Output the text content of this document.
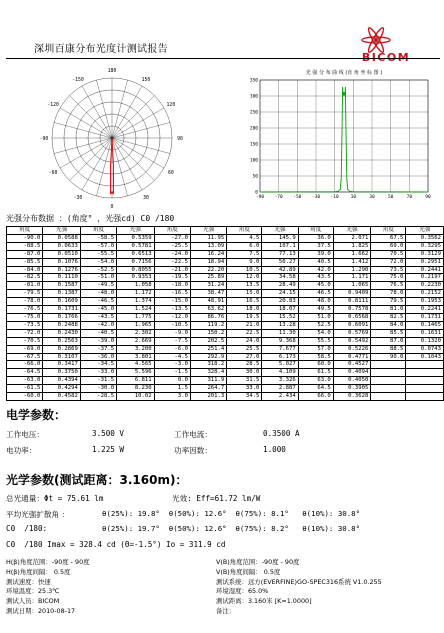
深圳百康分布光度计测试报告
BICOM
-90
-120
-150
180
150
120
90
60
30
0
-30
-60
光 强 分 布 曲 线 (直 角 坐 标 图 )
350
300
250
200
150
100
50
0
-90 -70 -50 -30 -10	10	30	50	70	90
光强分布数据 ：(角度° ，光强cd) C0 /180
角度	光强	角度	光强	角度	光强	角度	光强	角度	光强	角度	光强
-90.0	0.0588	-58.5	0.5359	-27.0	11.95	4.5	145.9	36.0	2.071	67.5	0.3562
-88.5	0.0633	-57.0	0.5781	-25.5	13.09	6.0	107.1	37.5	1.825	69.0	0.3295
-87.0	0.0510	-55.5	0.6513	-24.0	16.24	7.5	77.13	39.0	1.662	70.5	0.3129
-85.5	0.1076	-54.0	0.7156	-22.5	18.94	9.0	56.27	40.5	1.412	72.0	0.2951
-84.0	0.1276	-52.5	0.8055	-21.0	22.20	10.5	42.89	42.0	1.290	73.5	0.2441
-82.5	0.1110	-51.0	0.9353	-19.5	25.89	12.0	34.58	43.5	1.171	75.0	0.2197
-81.0	0.1587	-49.5	1.058	-18.0	31.24	13.5	28.49	45.0	1.065	76.5	0.2230
-79.5	0.1387	-48.0	1.172	-16.5	38.47	15.0	24.15	46.5	0.9409	78.0	0.2152
-78.0	0.1609	-46.5	1.374	-15.0	48.91	16.5	20.83	48.0	0.8111	79.5	0.1953
-76.5	0.1731	-45.0	1.524	-13.5	63.62	18.0	18.07	49.5	0.7578	81.0	0.2241
-75.0	0.1766	-43.5	1.775	-12.0	86.76	19.5	15.52	51.0	0.6568	82.5	0.1731
-73.5	0.2488	-42.0	1.965	-10.5	119.2	21.0	13.28	52.5	0.6091	84.0	0.1465
-72.0	0.2430	-40.5	2.302	-9.0	150.2	22.5	11.30	54.0	0.5769	85.5	0.1631
-70.5	0.2563	-39.0	2.669	-7.5	202.5	24.0	9.368	55.5	0.5492	87.0	0.1320
-69.0	0.2869	-37.5	3.200	-6.0	251.4	25.5	7.677	57.0	0.5226	88.5	0.0743
-67.5	0.3107	-36.0	3.801	-4.5	292.9	27.0	6.173	58.5	0.4771	90.0	0.1043
-66.0	0.3417	-34.5	4.565	-3.0	318.2	28.5	5.027	60.0	0.4527		
-64.5	0.3750	-33.0	5.596	-1.5	328.4	30.0	4.109	61.5	0.4094		
-63.0	0.4394	-31.5	6.811	0.0	311.9	31.5	3.326	63.0	0.4050		
-61.5	0.4294	-30.0	8.230	1.5	264.7	33.0	2.887	64.5	0.3905		
-60.0	0.4582	-28.5	10.02	3.0	201.3	34.5	2.434	66.0	0.3628		
电学参数：
工作电压：	3.500 V	工作电流：	0.3500 A
电功率：	1.225 W	功率因数：	1.000
光学参数(测试距离：3.160m)：
总光通量：Φt = 75.61 lm	光效: Eff=61.72 lm/W
平均光强扩散角 ：	θ(25%): 19.8°  θ(50%): 12.6°  θ(75%): 8.1°   θ(10%): 30.8°
C0  /180:	θ(25%): 19.7°  θ(50%): 12.6°  θ(75%): 8.2°   θ(10%): 30.8°
C0  /180 Imax = 328.4 cd (Θ=-1.5°) Io = 311.9 cd
H(β)角度范围：-90度 - 90度
H(β)角度间隔： 0.5度
测试速度：快速
环境温度：25.3℃
测试人员：BICOM
测试日期：2010-08-17
V(B)角度范围：-90度 - 90度
V(B)角度间隔： 0.5度
测试系统：远方(EVERFINE)GO-SPEC316系统 V1.0.255
环境湿度：65.0%
测试距离：3.160米 [K=1.0000]
备注：
